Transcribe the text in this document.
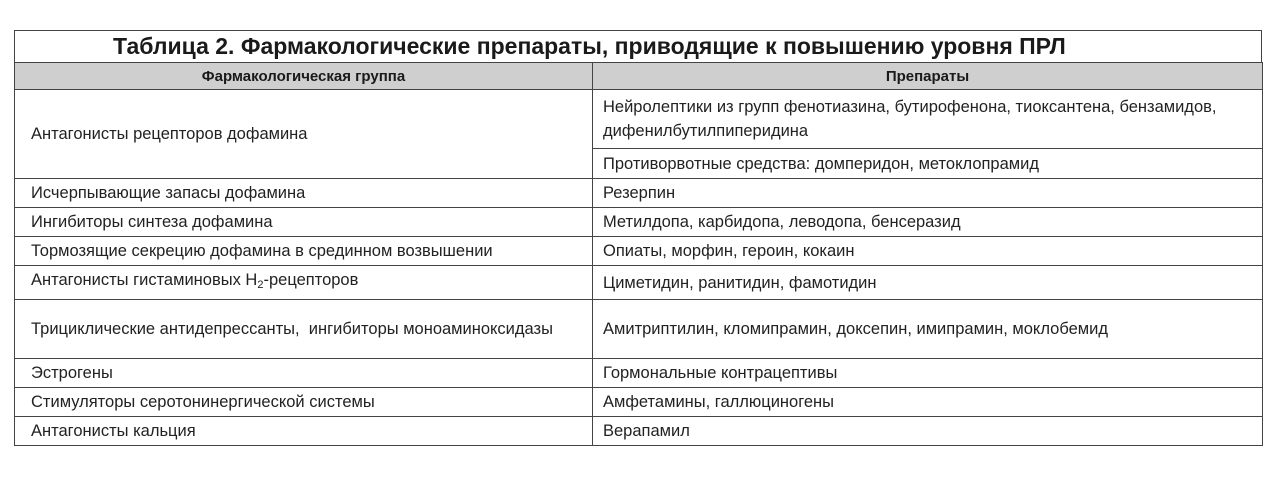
Таблица 2. Фармакологические препараты, приводящие к повышению уровня ПРЛ
Фармакологическая группа	Препараты
Антагонисты рецепторов дофамина	Нейролептики из групп фенотиазина, бутирофенона, тиоксантена, бензамидов, дифенилбутилпиперидина
	Противорвотные средства: домперидон, метоклопрамид
Исчерпывающие запасы дофамина	Резерпин
Ингибиторы синтеза дофамина	Метилдопа, карбидопа, леводопа, бенсеразид
Тормозящие секрецию дофамина в срединном возвышении	Опиаты, морфин, героин, кокаин
Антагонисты гистаминовых $Н_2$-рецепторов	Циметидин, ранитидин, фамотидин
Трициклические антидепрессанты,  ингибиторы моноаминоксидазы	Амитриптилин, кломипрамин, доксепин, имипрамин, моклобемид
Эстрогены	Гормональные контрацептивы
Стимуляторы серотонинергической системы	Амфетамины, галлюциногены
Антагонисты кальция	Верапамил
